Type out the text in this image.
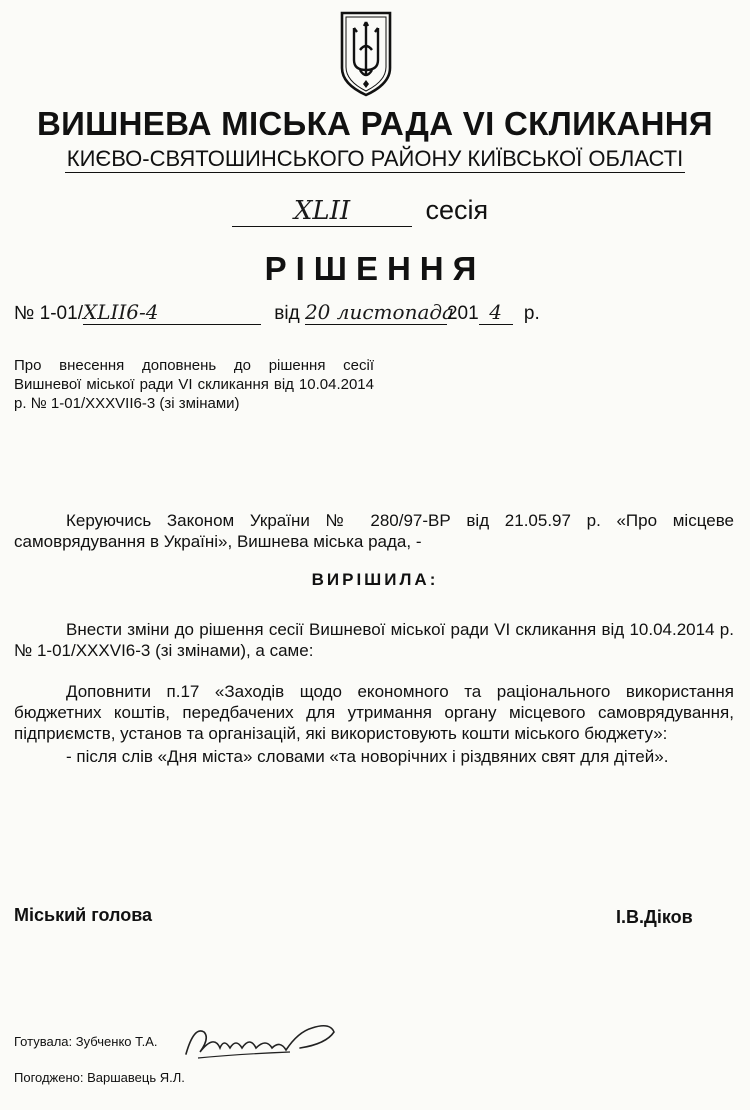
ВИШНЕВА МІСЬКА РАДА VI СКЛИКАННЯ
КИЄВО-СВЯТОШИНСЬКОГО РАЙОНУ КИЇВСЬКОЇ ОБЛАСТІ
XLII	сесія
РІШЕННЯ
№ 1-01/XLII6-4	від 20 листопада201 4 р.
Про внесення доповнень до рішення сесії Вишневої міської ради VI скликання від 10.04.2014 р. № 1-01/XXXVII6-3 (зі змінами)
Керуючись Законом України № 280/97-ВР від 21.05.97 р. «Про місцеве самоврядування в Україні», Вишнева міська рада, -
ВИРІШИЛА:
Внести зміни до рішення сесії Вишневої міської ради VI скликання від 10.04.2014 р. № 1-01/XXXVI6-3 (зі змінами), а саме:
Доповнити п.17 «Заходів щодо економного та раціонального використання бюджетних коштів, передбачених для утримання органу місцевого самоврядування, підприємств, установ та організацій, які використовують кошти міського бюджету»:
- після слів «Дня міста» словами «та новорічних і різдвяних свят для дітей».
Міський голова	І.В.Діков
Готувала: Зубченко Т.А.
Погоджено: Варшавець Я.Л.
